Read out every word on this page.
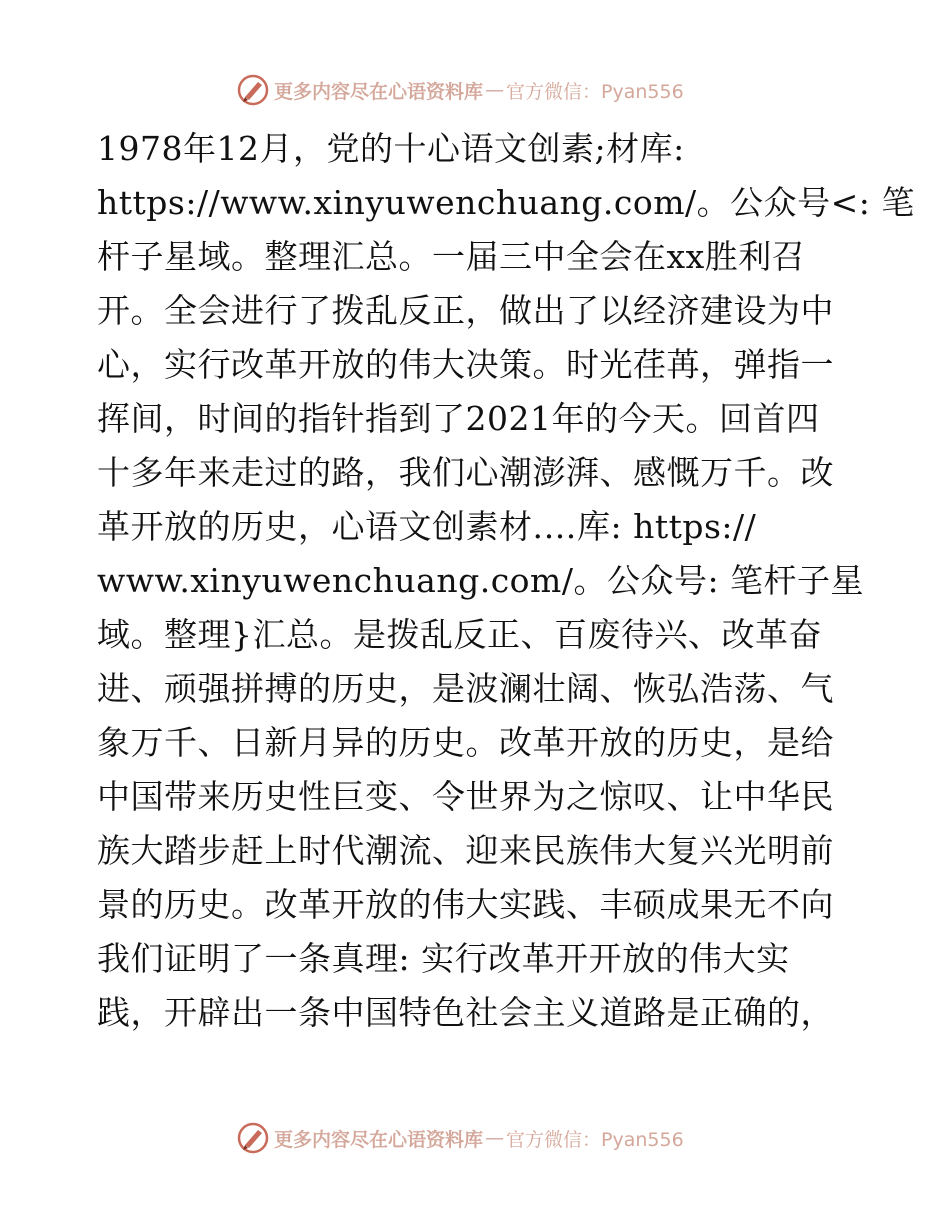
更多内容尽在心语资料库 — 官方微信：Pyan556
1978年12月，党的十心语文创素;材库:
https://www.xinyuwenchuang.com/。公众号<: 笔
杆子星域。整理汇总。一届三中全会在xx胜利召
开。全会进行了拨乱反正，做出了以经济建设为中
心，实行改革开放的伟大决策。时光荏苒，弹指一
挥间，时间的指针指到了2021年的今天。回首四
十多年来走过的路，我们心潮澎湃、感慨万千。改
革开放的历史，心语文创素材.…库: https://
www.xinyuwenchuang.com/。公众号: 笔杆子星
域。整理}汇总。是拨乱反正、百废待兴、改革奋
进、顽强拼搏的历史，是波澜壮阔、恢弘浩荡、气
象万千、日新月异的历史。改革开放的历史，是给
中国带来历史性巨变、令世界为之惊叹、让中华民
族大踏步赶上时代潮流、迎来民族伟大复兴光明前
景的历史。改革开放的伟大实践、丰硕成果无不向
我们证明了一条真理: 实行改革开开放的伟大实
践，开辟出一条中国特色社会主义道路是正确的，
更多内容尽在心语资料库 — 官方微信：Pyan556
